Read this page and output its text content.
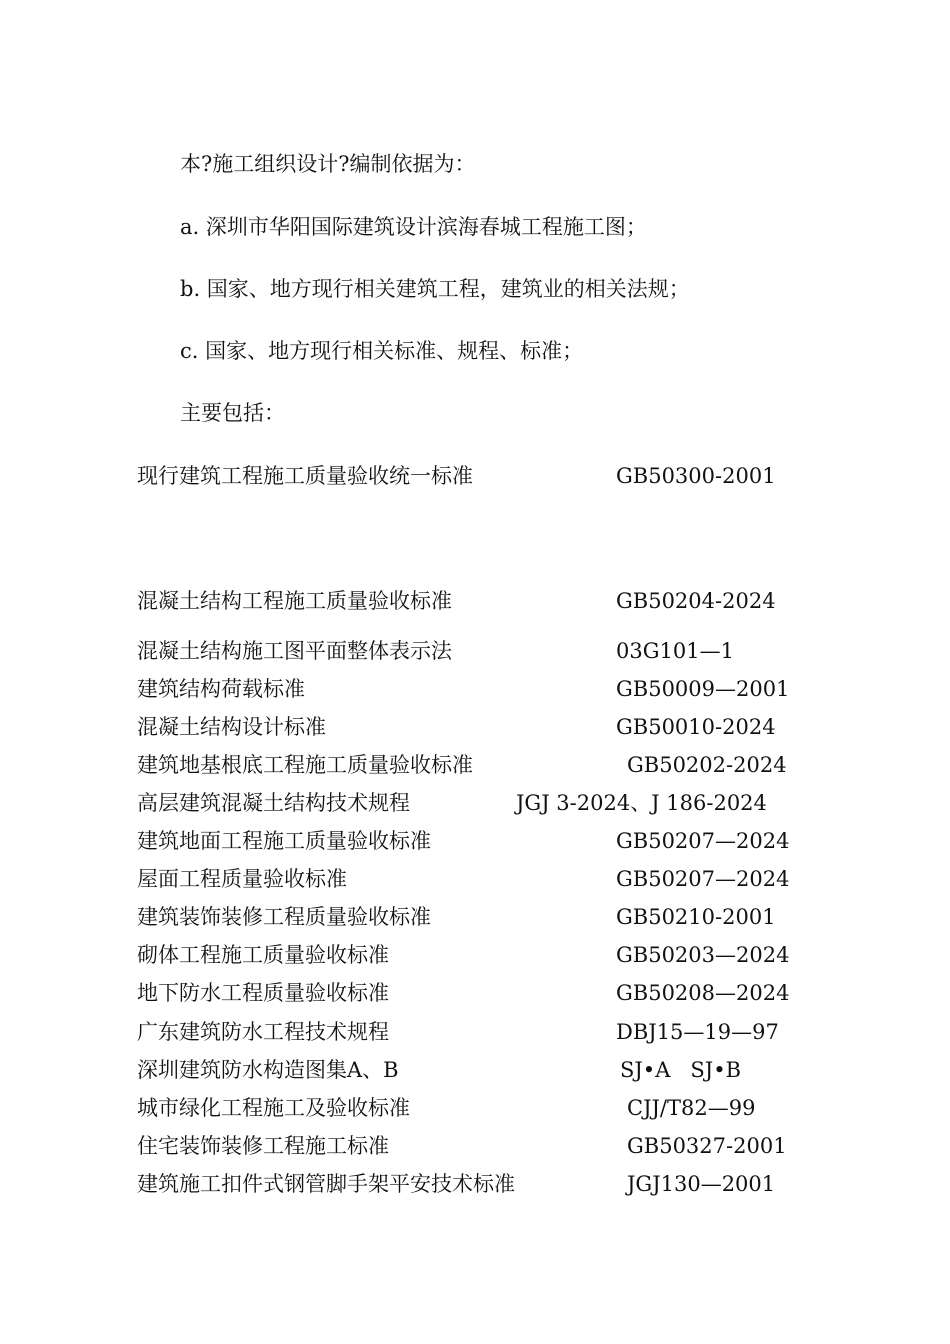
本?施工组织设计?编制依据为：
a. 深圳市华阳国际建筑设计滨海春城工程施工图；
b. 国家、地方现行相关建筑工程，建筑业的相关法规；
c. 国家、地方现行相关标准、规程、标准；
主要包括：
现行建筑工程施工质量验收统一标准	GB50300-2001
混凝土结构工程施工质量验收标准	GB50204-2024
混凝土结构施工图平面整体表示法	03G101—1
建筑结构荷载标准	GB50009—2001
混凝土结构设计标准	GB50010-2024
建筑地基根底工程施工质量验收标准	GB50202-2024
高层建筑混凝土结构技术规程	JGJ 3-2024、J 186-2024
建筑地面工程施工质量验收标准	GB50207—2024
屋面工程质量验收标准	GB50207—2024
建筑装饰装修工程质量验收标准	GB50210-2001
砌体工程施工质量验收标准	GB50203—2024
地下防水工程质量验收标准	GB50208—2024
广东建筑防水工程技术规程	DBJ15—19—97
深圳建筑防水构造图集A、B	SJ•A   SJ•B
城市绿化工程施工及验收标准	CJJ/T82—99
住宅装饰装修工程施工标准	GB50327-2001
建筑施工扣件式钢管脚手架平安技术标准	JGJ130—2001
